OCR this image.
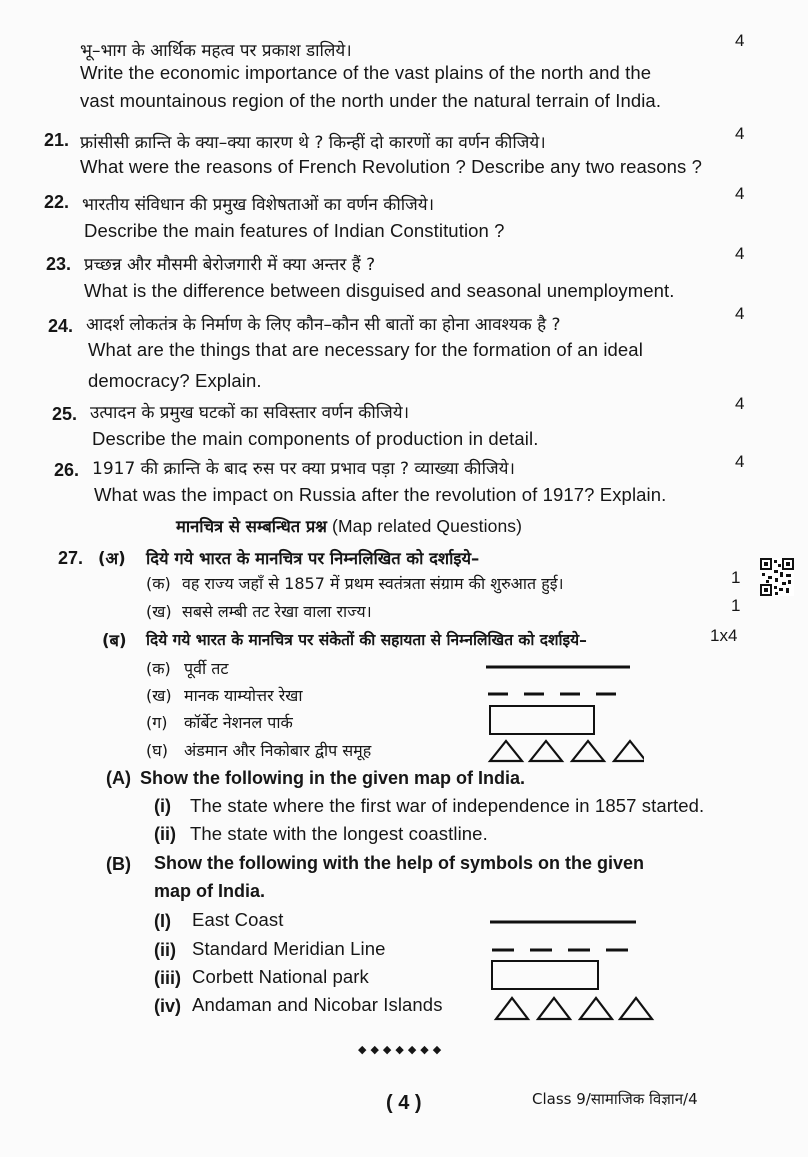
भू–भाग के आर्थिक महत्व पर प्रकाश डालिये।
4
Write the economic importance of the vast plains of the north and the
vast mountainous region of the north under the natural terrain of India.
21. फ्रांसीसी क्रान्ति के क्या–क्या कारण थे ? किन्हीं दो कारणों का वर्णन कीजिये।	4
What were the reasons of French Revolution ? Describe any two reasons ?
22. भारतीय संविधान की प्रमुख विशेषताओं का वर्णन कीजिये।
4
Describe the main features of Indian Constitution ?
23. प्रच्छन्न और मौसमी बेरोजगारी में क्या अन्तर हैं ?
4
What is the difference between disguised and seasonal unemployment.
24. आदर्श लोकतंत्र के निर्माण के लिए कौन–कौन सी बातों का होना आवश्यक है ?
4
What are the things that are necessary for the formation of an ideal
democracy? Explain.
25. उत्पादन के प्रमुख घटकों का सविस्तार वर्णन कीजिये।	4
Describe the main components of production in detail.
26. 1917 की क्रान्ति के बाद रुस पर क्या प्रभाव पड़ा ? व्याख्या कीजिये।	4
What was the impact on Russia after the revolution of 1917? Explain.
मानचित्र से सम्बन्धित प्रश्न (Map related Questions)
27. (अ) दिये गये भारत के मानचित्र पर निम्नलिखित को दर्शाइये–
(क) वह राज्य जहाँ से 1857 में प्रथम स्वतंत्रता संग्राम की शुरुआत हुई।	1
(ख) सबसे लम्बी तट रेखा वाला राज्य।	1
(ब) दिये गये भारत के मानचित्र पर संकेतों की सहायता से निम्नलिखित को दर्शाइये–	1x4
(क) पूर्वी तट
(ख) मानक याम्योत्तर रेखा
(ग) कॉर्बेट नेशनल पार्क
(घ) अंडमान और निकोबार द्वीप समूह
(A) Show the following in the given map of India.
(i) The state where the first war of independence in 1857 started.
(ii) The state with the longest coastline.
(B) Show the following with the help of symbols on the given
map of India.
(I) East Coast
(ii) Standard Meridian Line
(iii) Corbett National park
(iv) Andaman and Nicobar Islands
◆◆◆◆◆◆◆
( 4 )	Class 9/सामाजिक विज्ञान/4
